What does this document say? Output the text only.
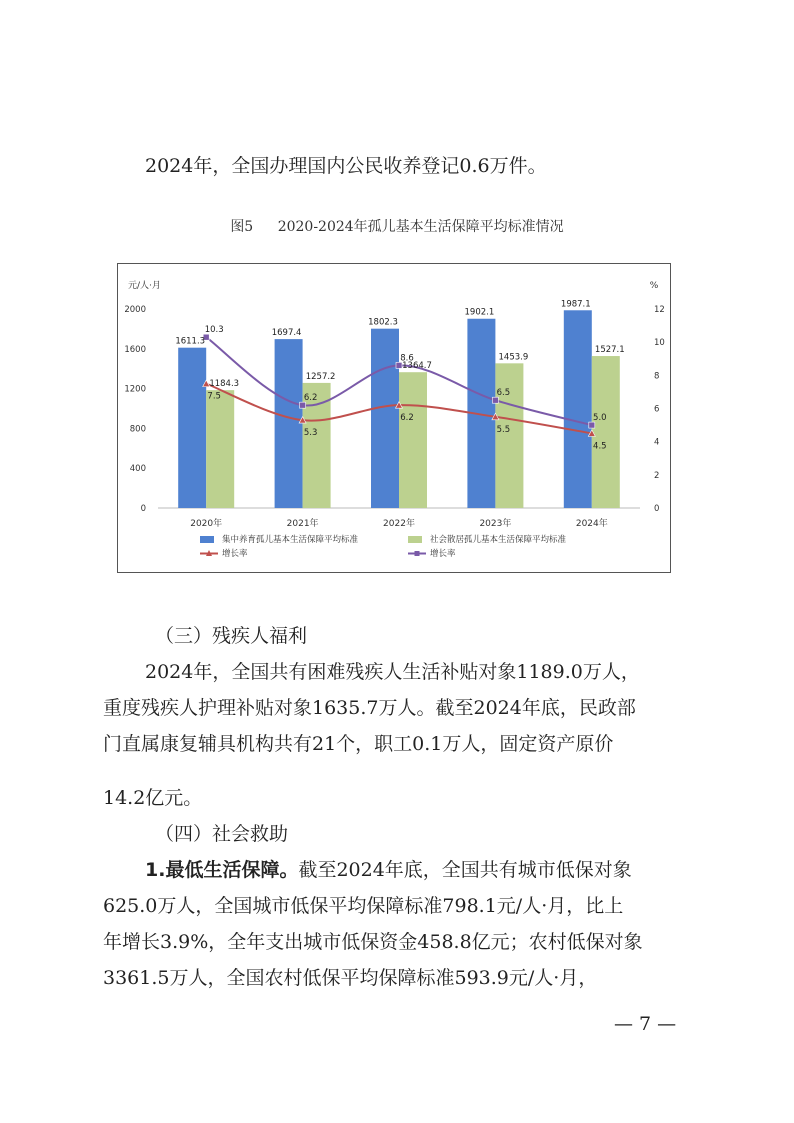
2024年，全国办理国内公民收养登记0.6万件。

图5 2020-2024年孤儿基本生活保障平均标准情况
元/人·月	%
1611.3
1697.4
1802.3
1902.1
1987.1
1184.3
1257.2
1364.7
1453.9
1527.1
7.5
5.3
6.2
5.5
4.5
10.3
6.2
8.6
6.5
5.0
0
400
800
1200
1600
2000
0
2
4
6
8
10
12
2020年	2021年	2022年	2023年	2024年
集中养育孤儿基本生活保障平均标准	社会散居孤儿基本生活保障平均标准
增长率	增长率

（三）残疾人福利

2024年，全国共有困难残疾人生活补贴对象1189.0万人，

重度残疾人护理补贴对象1635.7万人。截至2024年底，民政部

门直属康复辅具机构共有21个，职工0.1万人，固定资产原价

14.2亿元。

（四）社会救助

1.最低生活保障。截至2024年底，全国共有城市低保对象

625.0万人，全国城市低保平均保障标准798.1元/人·月，比上

年增长3.9%，全年支出城市低保资金458.8亿元；农村低保对象

3361.5万人，全国农村低保平均保障标准593.9元/人·月，

— 7 —
